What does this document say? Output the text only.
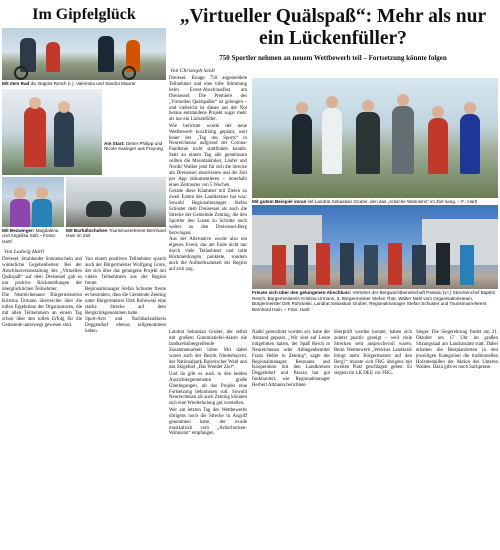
Im Gipfelglück
Mit dem Rad da: Baptist Resch (r.), Valentina und Sandra Maurer
Am Start: Dieter Philipp und Nicole Saxinger aus Freyung
Mit Bezwinger: Magdalena und Angelika Süß.– Fotos: Hartl
Mit Barfußschuhen Tourismusreferent Bernhard Hain im Ziel.
Von Ludwig Hartl

Dreiesel. Strahlender Sonnenschein und winterliche Gegebenheiten: Bei der Abschlussveranstaltung des „Virtuellen Quälspaß“ auf dem Dreisessel gab es nur positive Rückmeldungen der überglücklichen Teilnehmer.

Die Neureichenauer Bürgermeisterin Kristina Urmann überreichte über die tollen Ergebnisse der Organisatoren, die mit allen Teilnehmern an einem Tag schon über den tollen Erfolg für die Gemeinde unterwegs gewesen sind.

Von einem positiven Teilnehmer sprach auch der Bürgermeister Wolfgang Grote, der sich über das gelungene Projekt mit vielen Teilnehmern aus der Region freute.

Regionalmanager Stefan Schuster freute es besonders, dass die Gemeinde Zenting unter Bürgermeister Dirk Rohowski eine starke Strecke auf dem Bergkritikgenommen hatte.

Sport-Arzt und Nachbarlandkreis Deggendorf ebenso teilgenommen haben.

„Virtueller Quälspaß“: Mehr als nur ein Lückenfüller?
750 Sportler nehmen an neuem Wettbewerb teil – Fortsetzung könnte folgen
Von Christoph Seidl

Dreiesel. Knapp 750 angemeldete Teilnehmer und eine tolle Stimmung beim Event-Abschlussfest am Dreisessel: Die Premiere des „Virtuellen Quälspaßes“ ist gelungen – und vielleicht ist dieses aus der Not heraus entstandene Projekt sogar mehr als nur ein Lückenfüller.

Wie berichtet wurde der neue Wettbewerb kurzfristig geplant, weil heuer der „Tag des Sports“ in Neureichenau aufgrund der Corona-Pandemie nicht stattfinden konnte. Statt an einem Tag alle gemeinsam sollten die Mountainbiker, Läufer und Nordic Walker jetzt für sich die Strecke am Dreisessel absolvieren und die Zeit per App dokumentieren – innerhalb eines Zeitraums von 5 Wochen.

Gerade diese Klammer mit Zielen zu zweit Enden des Landkreises hat was: Sowohl Regionalmanager Stefan Schuster dem Dreisessel als auch die Strecke der Gemeinde Zenting, die den Sportler den Lusen zu Schritte noch weiter zu den Dreisessel-Berg bezwingen.

Aus der Alternative wurde also ein eigenes Event, das am Ende nicht nur durch viele Teilnehmer und tolle Rückmeldungen punktete, sondern auch die Aufmerksamkeit der Region auf sich zog.

Landrat Sebastian Gruber, der selbst mit großem Gummistiefel-Alarm die landkreisübergreifende Zusammenarbeit lobte: Mit dabei waren auch der Bezirk Niederbayern, der Nationalpark Bayerischer Wald und das Skigebiet „Das Wonder Ziel“.

Und da gibt es auch in den beiden Ausrichtergemeinden große Überlegungen, ob das Projekt eine Fortsetzung bekommen soll. Sowohl Neureichenau als auch Zenting könnten sich eine Wiederholung gut vorstellen.

Wer am letzten Tag des Wettbewerbs übrigens noch die Strecke in Angriff genommen hatte, der wurde musikalisch vom „Artischocken-Wahnsinn“ empfangen.

Mit gutem Beispiel voran lief Landrat Sebastian Gruber, den das „Artische Wahnsinn“ im Ziel sang. – F.: Hartl
Freuen sich über den gelungenen Abschluss: Vertreter der Bergwachtbereitschaft Passau (v.l.) Streckenchef Baptist Resch, Bürgermeisterin Kristina Urmann, 3. Bürgermeister Stefan Thür, Walter Nebl vom Organisationsteam, Bürgermeister Dirk Rohowski, Landrat Sebastian Gruber, Regionalmanager Stefan Schuster und Tourismusreferent Bernhard Hain. – Foto: Hartl

Nadel gezeichnet worden sei, habe der Abstand gepasst. „Wir sind auf Leute mitgebitten haben, der Spaß Resch in Neureichenau oder Althegenbereiter Franz Heller in Zenting“, sagte der Regionalmanager. Resonanz und Kooperation mit den Landkreisen Deggendorf und Passau hat gut funktioniert, wie Regionalmanager Herbert Altmann berichtete.

überprüft werden konnte, haben sich zuletzt positiv gezeigt – weil viele Strecken sehr anspruchsvoll waren. Beim Wettbewerb „Welcher Landkreis bringt mehr Bürgermeister auf den Berg?“ musste sich FRG übrigens mit zweiten Platz geschlagen geben. Es siegten im LK DEG vor FRG.

Sieger. Die Siegerehrung findet am 21. Oktober um 17 Uhr im großen Sitzungssaal am Landratsamt statt. Dabei erhalten die Bestplatzierten in den jeweiligen Kategorien die traditionellen Holzmedaillen der Aktion des Unteren Waldes. Dazu gibt es noch Sachpreise.
